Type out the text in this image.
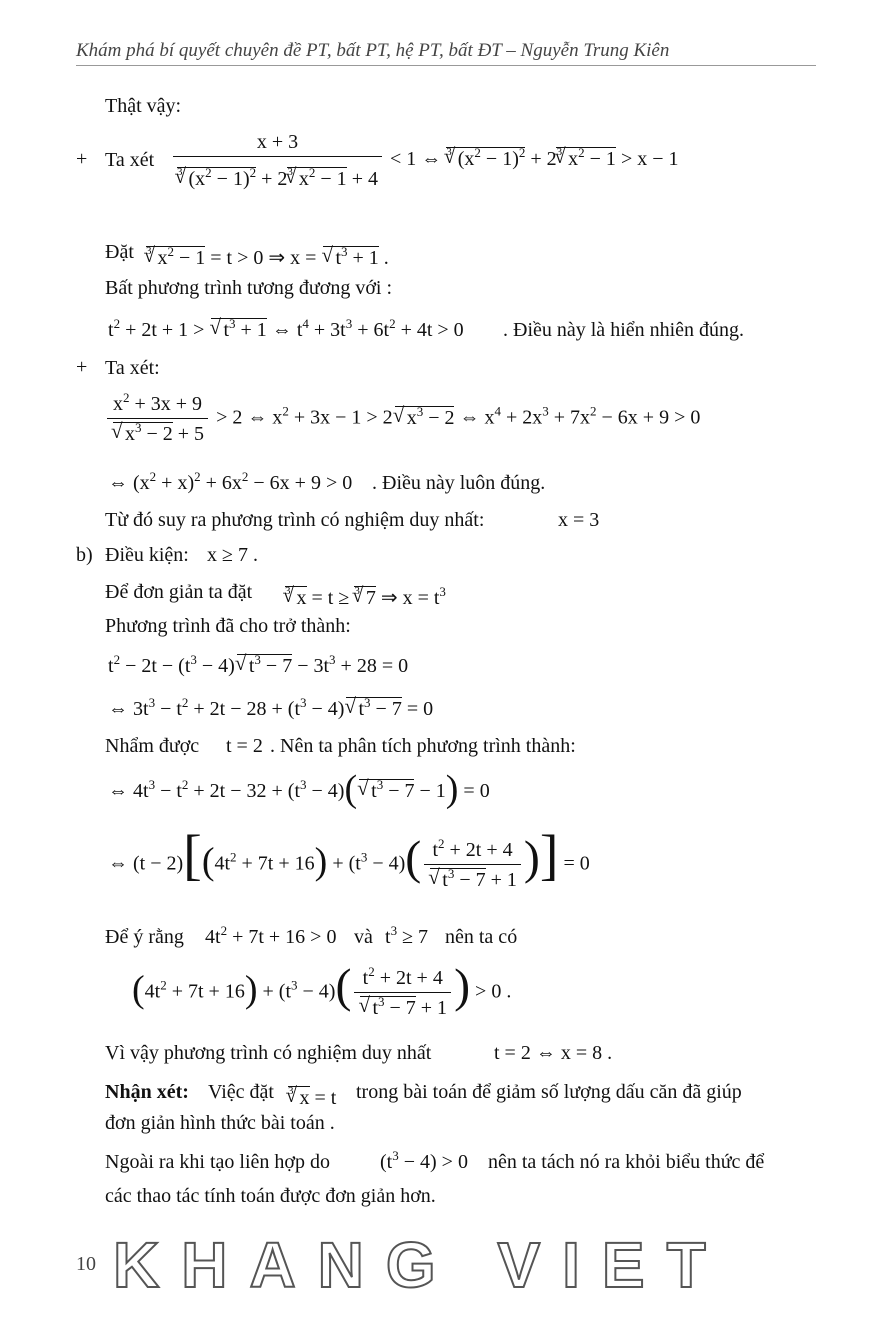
Khám phá bí quyết chuyên đề PT, bất PT, hệ PT, bất ĐT – Nguyễn Trung Kiên
Thật vậy:
+ Ta xét $\frac{x + 3}{^3√ (x^2 - 1)^2 + 2^3√ x^2 - 1 + 4} < 1$ ⇔ $^3$√ $(x^2 - 1)^2 + 2^3√$ $x^2 - 1 > x - 1$
Đặt $^3$√ $x^2 - 1 = t > 0$ ⇒ x = √ $t^3 + 1$ .
Bất phương trình tương đương với :
$t^2 + 2t + 1$ > √ $t^3 + 1$ ⇔ $t^4 + 3t^3 + 6t^2 + 4t > 0$ . Điều này là hiển nhiên đúng.
+ Ta xét:
$x^2 + 3x + 9$
√ $x^3 - 2 + 5 > 2$ ⇔ $x^2 + 3x - 1 > 2√$ $x^3 - 2$ ⇔ $x^4 + 2x^3 + 7x^2 - 6x + 9 > 0$
⇔ $(x^2 + x)^2 + 6x^2 - 6x + 9 > 0$ . Điều này luôn đúng.
Từ đó suy ra phương trình có nghiệm duy nhất:	x = 3
b) Điều kiện: x ≥ 7 .
Để đơn giản ta đặt	$^3$√ x = t ≥ $^3$√ 7 ⇒ $x = t^3$
Phương trình đã cho trở thành:
$t^2 - 2t - (t^3 - 4)√$ $t^3 - 7 - 3t^3 + 28 = 0$
⇔ $3t^3 - t^2 + 2t - 28 + (t^3 - 4)√$ $t^3 - 7 = 0$
Nhẩm được t = 2 . Nên ta phân tích phương trình thành:
⇔ $4t^3 - t^2 + 2t - 32 + (t^3 - 4)(√$ $t^3 - 7 - 1) = 0$
⇔ $(t - 2)[(4t^2 + 7t + 16) + (t^3 - 4)$( $t^2 + 2t + 4$
√ $t^3 - 7 + 1$ )] = 0
Để ý rằng $4t^2 + 7t + 16 > 0$ và $t^3 \ge 7$ nên ta có
$(4t^2 + 7t + 16) + (t^3 - 4)$( $t^2 + 2t + 4$
√ $t^3 - 7 + 1$ ) > 0 .
Vì vậy phương trình có nghiệm duy nhất	t = 2 ⇔ x = 8 .
Nhận xét: Việc đặt $^3$√ x = t trong bài toán để giảm số lượng dấu căn đã giúp
đơn giản hình thức bài toán .
Ngoài ra khi tạo liên hợp do	$(t^3 - 4) > 0$ nên ta tách nó ra khỏi biểu thức để
các thao tác tính toán được đơn giản hơn.
10 KHANG VIET
